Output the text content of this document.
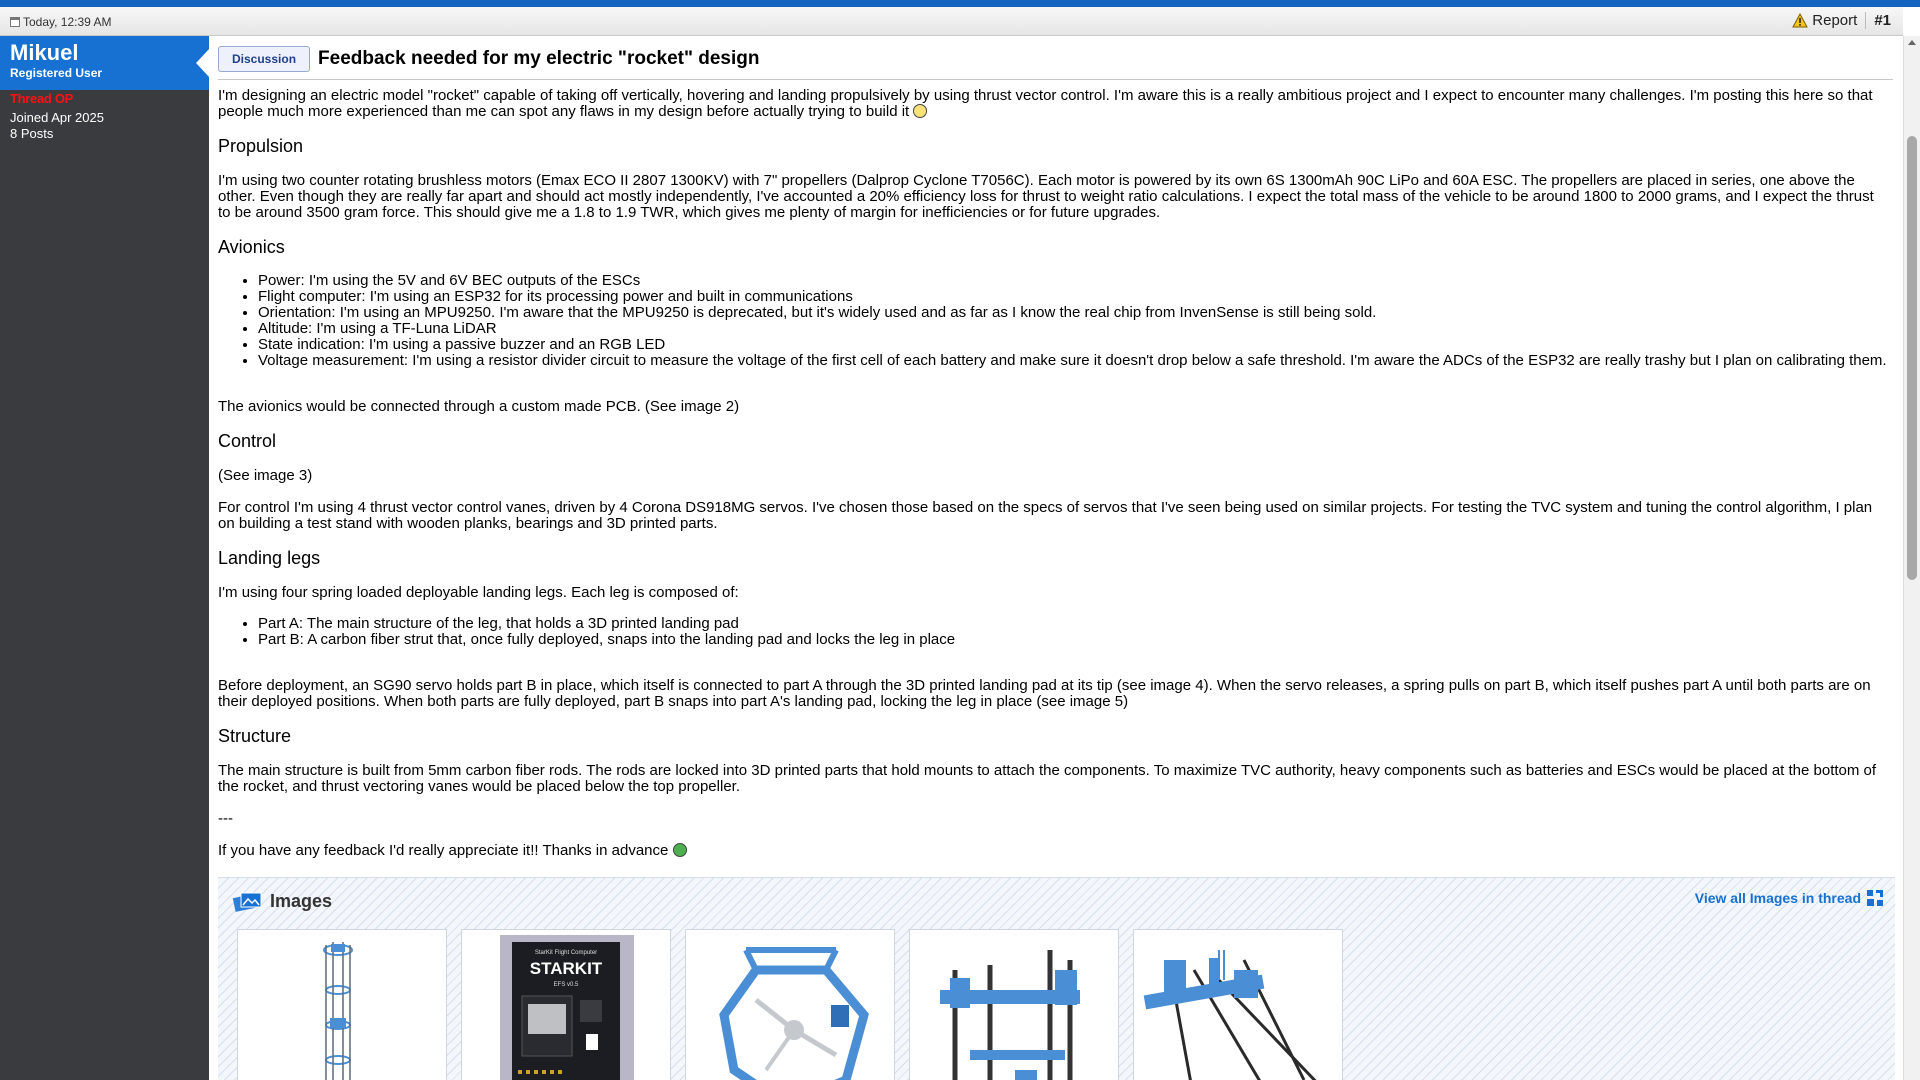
Today, 12:39 AM	Report	#1
Mikuel
Registered User
Thread OP
Joined Apr 2025
8 Posts
Discussion	Feedback needed for my electric "rocket" design

I'm designing an electric model "rocket" capable of taking off vertically, hovering and landing propulsively by using thrust vector control. I'm aware this is a really ambitious project and I expect to encounter many challenges. I'm posting this here so that people much more experienced than me can spot any flaws in my design before actually trying to build it

Propulsion

I'm using two counter rotating brushless motors (Emax ECO II 2807 1300KV) with 7" propellers (Dalprop Cyclone T7056C). Each motor is powered by its own 6S 1300mAh 90C LiPo and 60A ESC. The propellers are placed in series, one above the other. Even though they are really far apart and should act mostly independently, I've accounted a 20% efficiency loss for thrust to weight ratio calculations. I expect the total mass of the vehicle to be around 1800 to 2000 grams, and I expect the thrust to be around 3500 gram force. This should give me a 1.8 to 1.9 TWR, which gives me plenty of margin for inefficiencies or for future upgrades.

Avionics
• Power: I'm using the 5V and 6V BEC outputs of the ESCs
• Flight computer: I'm using an ESP32 for its processing power and built in communications
• Orientation: I'm using an MPU9250. I'm aware that the MPU9250 is deprecated, but it's widely used and as far as I know the real chip from InvenSense is still being sold.
• Altitude: I'm using a TF-Luna LiDAR
• State indication: I'm using a passive buzzer and an RGB LED
• Voltage measurement: I'm using a resistor divider circuit to measure the voltage of the first cell of each battery and make sure it doesn't drop below a safe threshold. I'm aware the ADCs of the ESP32 are really trashy but I plan on calibrating them.

The avionics would be connected through a custom made PCB. (See image 2)

Control

(See image 3)

For control I'm using 4 thrust vector control vanes, driven by 4 Corona DS918MG servos. I've chosen those based on the specs of servos that I've seen being used on similar projects. For testing the TVC system and tuning the control algorithm, I plan on building a test stand with wooden planks, bearings and 3D printed parts.

Landing legs

I'm using four spring loaded deployable landing legs. Each leg is composed of:

• Part A: The main structure of the leg, that holds a 3D printed landing pad
• Part B: A carbon fiber strut that, once fully deployed, snaps into the landing pad and locks the leg in place

Before deployment, an SG90 servo holds part B in place, which itself is connected to part A through the 3D printed landing pad at its tip (see image 4). When the servo releases, a spring pulls on part B, which itself pushes part A until both parts are on their deployed positions. When both parts are fully deployed, part B snaps into part A's landing pad, locking the leg in place (see image 5)

Structure

The main structure is built from 5mm carbon fiber rods. The rods are locked into 3D printed parts that hold mounts to attach the components. To maximize TVC authority, heavy components such as batteries and ESCs would be placed at the bottom of the rocket, and thrust vectoring vanes would be placed below the top propeller.

---

If you have any feedback I'd really appreciate it!! Thanks in advance

Images	View all Images in thread
StarKit Flight Computer
STARKIT
EFS v0.5
